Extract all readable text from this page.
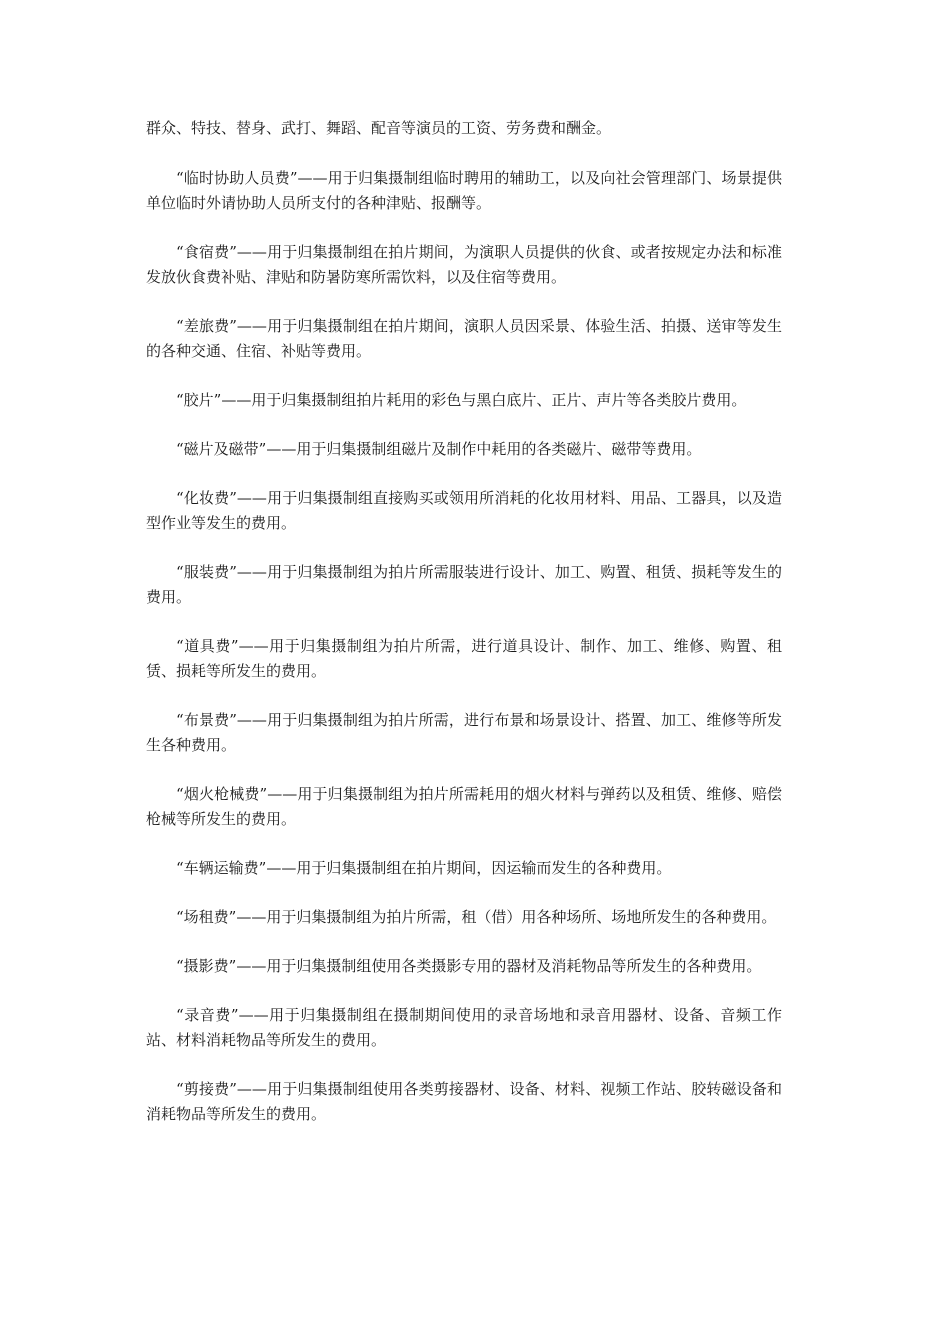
群众、特技、替身、武打、舞蹈、配音等演员的工资、劳务费和酬金。

“临时协助人员费”——用于归集摄制组临时聘用的辅助工，以及向社会管理部门、场景提供单位临时外请协助人员所支付的各种津贴、报酬等。

“食宿费”——用于归集摄制组在拍片期间，为演职人员提供的伙食、或者按规定办法和标准发放伙食费补贴、津贴和防暑防寒所需饮料，以及住宿等费用。

“差旅费”——用于归集摄制组在拍片期间，演职人员因采景、体验生活、拍摄、送审等发生的各种交通、住宿、补贴等费用。

“胶片”——用于归集摄制组拍片耗用的彩色与黑白底片、正片、声片等各类胶片费用。

“磁片及磁带”——用于归集摄制组磁片及制作中耗用的各类磁片、磁带等费用。

“化妆费”——用于归集摄制组直接购买或领用所消耗的化妆用材料、用品、工器具，以及造型作业等发生的费用。

“服装费”——用于归集摄制组为拍片所需服装进行设计、加工、购置、租赁、损耗等发生的费用。

“道具费”——用于归集摄制组为拍片所需，进行道具设计、制作、加工、维修、购置、租赁、损耗等所发生的费用。

“布景费”——用于归集摄制组为拍片所需，进行布景和场景设计、搭置、加工、维修等所发生各种费用。

“烟火枪械费”——用于归集摄制组为拍片所需耗用的烟火材料与弹药以及租赁、维修、赔偿枪械等所发生的费用。

“车辆运输费”——用于归集摄制组在拍片期间，因运输而发生的各种费用。

“场租费”——用于归集摄制组为拍片所需，租（借）用各种场所、场地所发生的各种费用。

“摄影费”——用于归集摄制组使用各类摄影专用的器材及消耗物品等所发生的各种费用。

“录音费”——用于归集摄制组在摄制期间使用的录音场地和录音用器材、设备、音频工作站、材料消耗物品等所发生的费用。

“剪接费”——用于归集摄制组使用各类剪接器材、设备、材料、视频工作站、胶转磁设备和消耗物品等所发生的费用。
